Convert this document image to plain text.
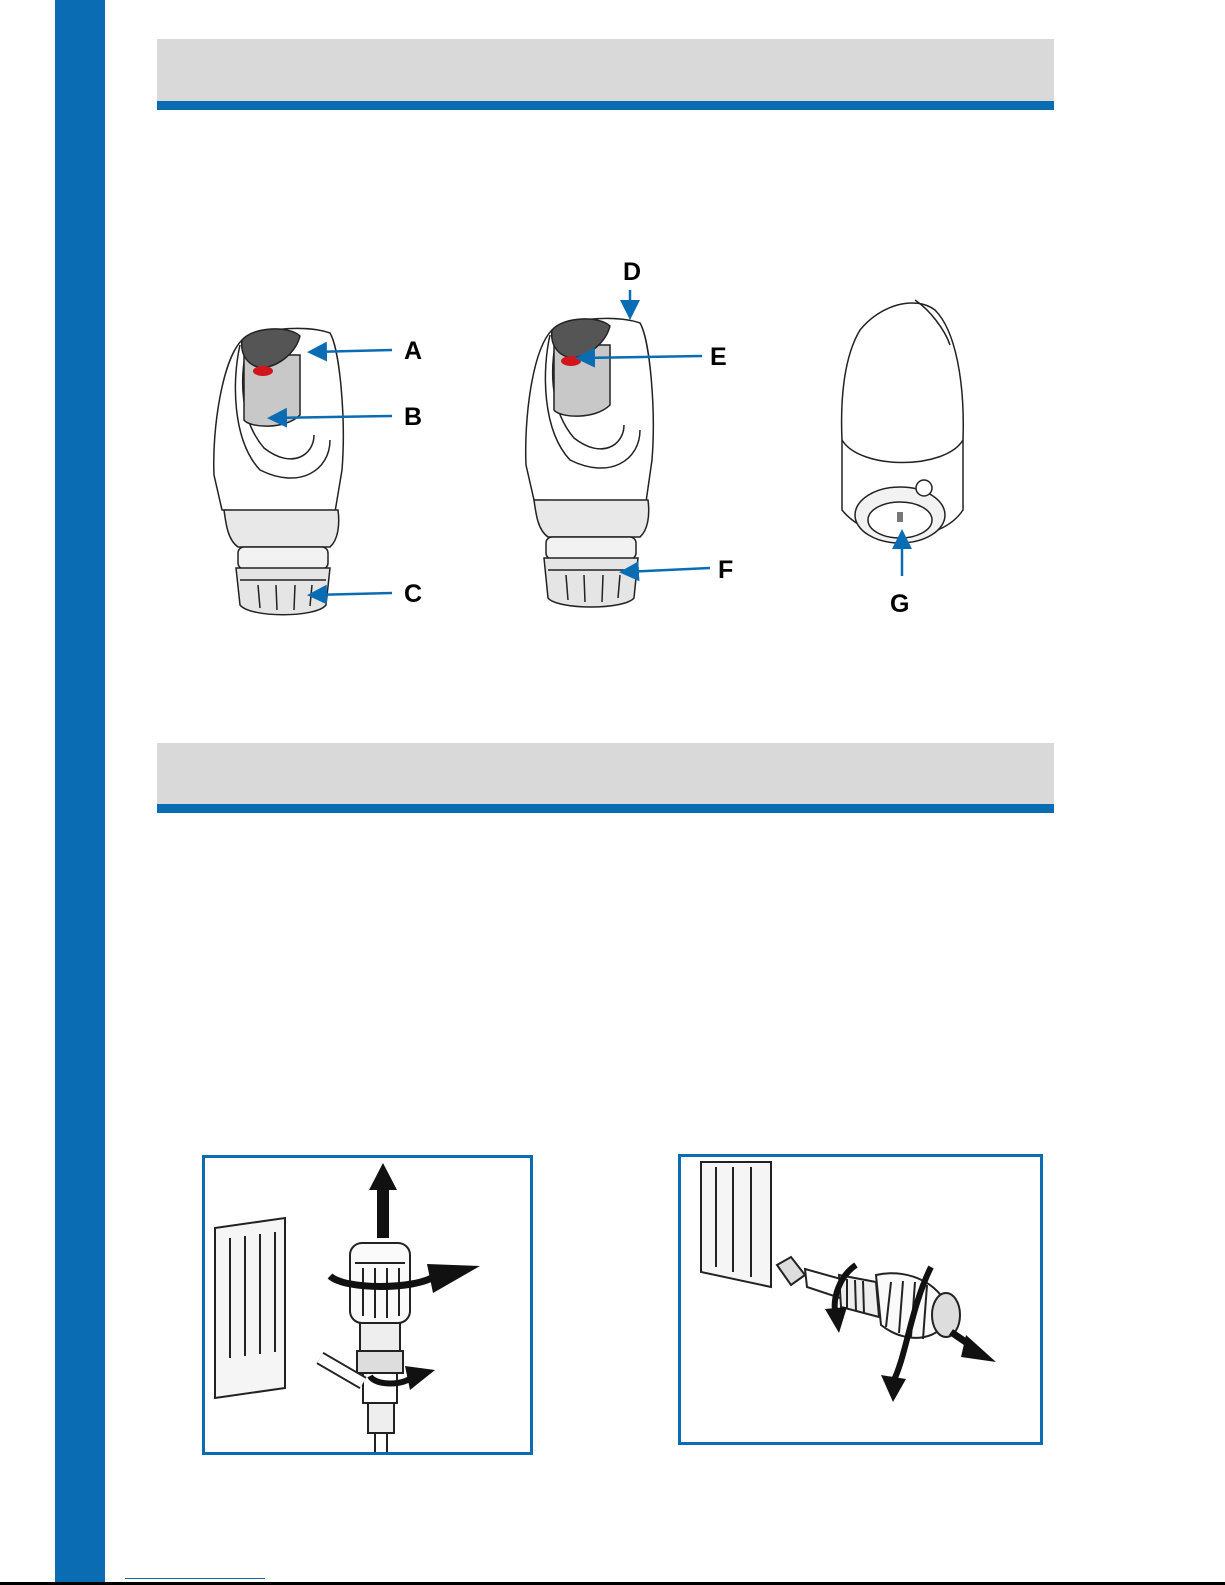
A
B
C
D
E
F
G
